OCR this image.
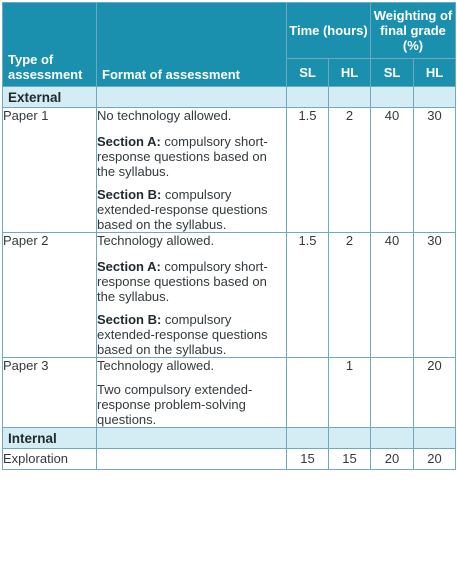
Type of assessment	Format of assessment	Time (hours)		Weighting of final grade (%)	
		SL	HL	SL	HL
External					
Paper 1	No technology allowed.
Section A: compulsory short-response questions based on the syllabus.
Section B: compulsory extended-response questions based on the syllabus.	1.5	2	40	30
Paper 2	Technology allowed.
Section A: compulsory short-response questions based on the syllabus.
Section B: compulsory extended-response questions based on the syllabus.	1.5	2	40	30
Paper 3	Technology allowed.
Two compulsory extended-response problem-solving questions.		1		20
Internal					
Exploration		15	15	20	20
